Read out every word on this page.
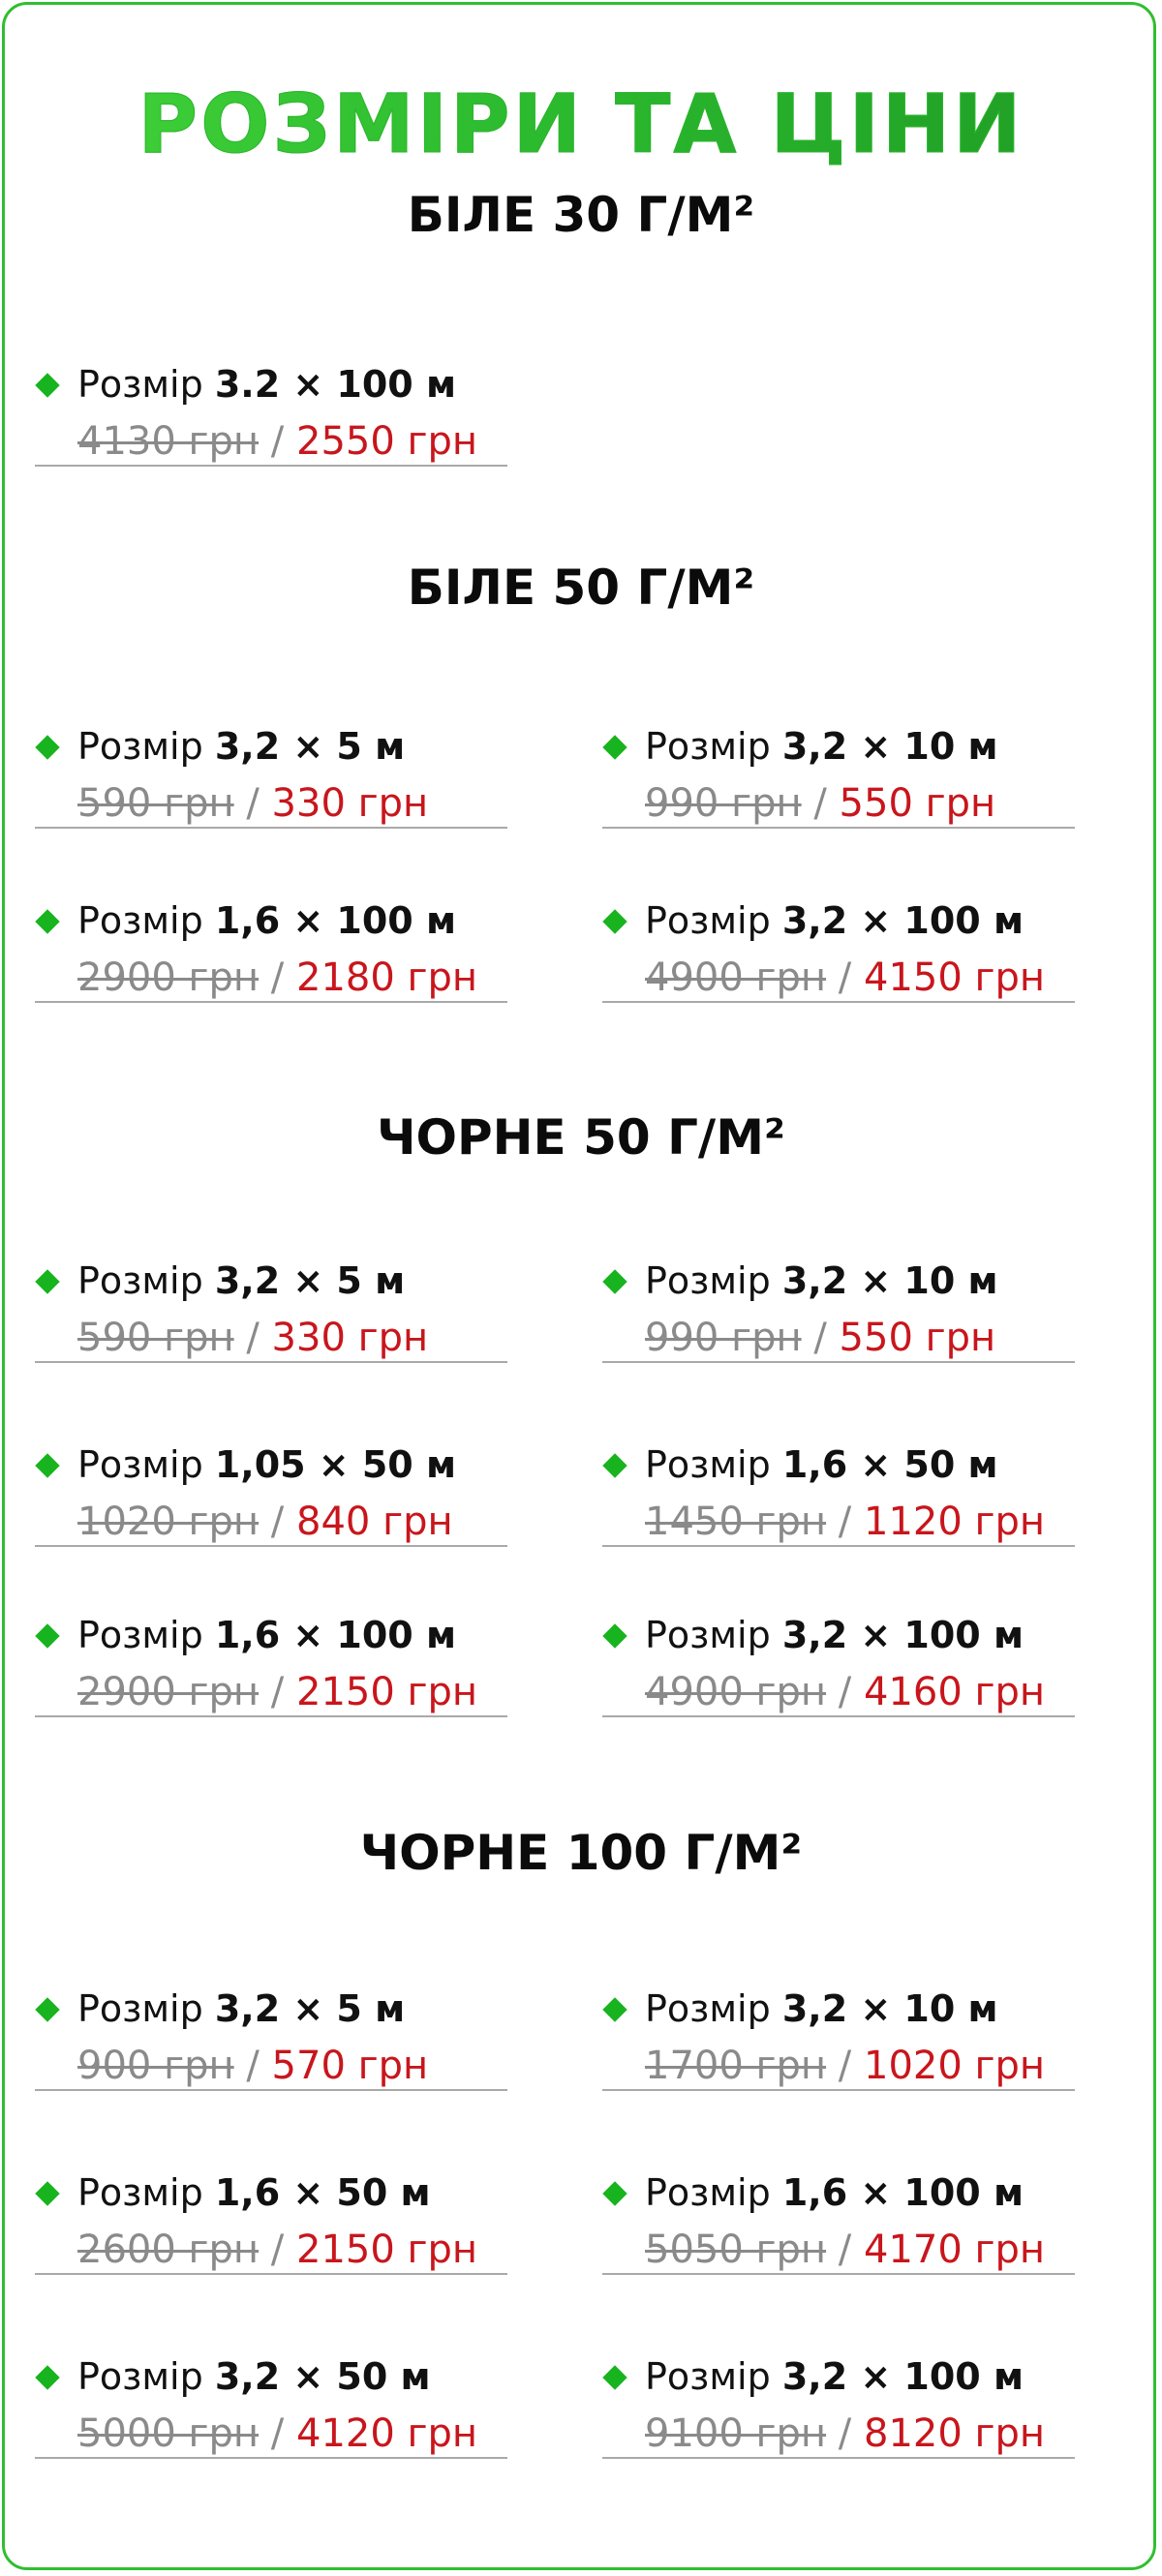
РОЗМІРИ ТА ЦІНИ
БІЛЕ 30 Г/М²
Розмір 3.2 × 100 м
4130 грн / 2550 грн
БІЛЕ 50 Г/М²
Розмір 3,2 × 5 м
590 грн / 330 грн
Розмір 3,2 × 10 м
990 грн / 550 грн
Розмір 1,6 × 100 м
2900 грн / 2180 грн
Розмір 3,2 × 100 м
4900 грн / 4150 грн
ЧОРНЕ 50 Г/М²
Розмір 3,2 × 5 м
590 грн / 330 грн
Розмір 3,2 × 10 м
990 грн / 550 грн
Розмір 1,05 × 50 м
1020 грн / 840 грн
Розмір 1,6 × 50 м
1450 грн / 1120 грн
Розмір 1,6 × 100 м
2900 грн / 2150 грн
Розмір 3,2 × 100 м
4900 грн / 4160 грн
ЧОРНЕ 100 Г/М²
Розмір 3,2 × 5 м
900 грн / 570 грн
Розмір 3,2 × 10 м
1700 грн / 1020 грн
Розмір 1,6 × 50 м
2600 грн / 2150 грн
Розмір 1,6 × 100 м
5050 грн / 4170 грн
Розмір 3,2 × 50 м
5000 грн / 4120 грн
Розмір 3,2 × 100 м
9100 грн / 8120 грн
